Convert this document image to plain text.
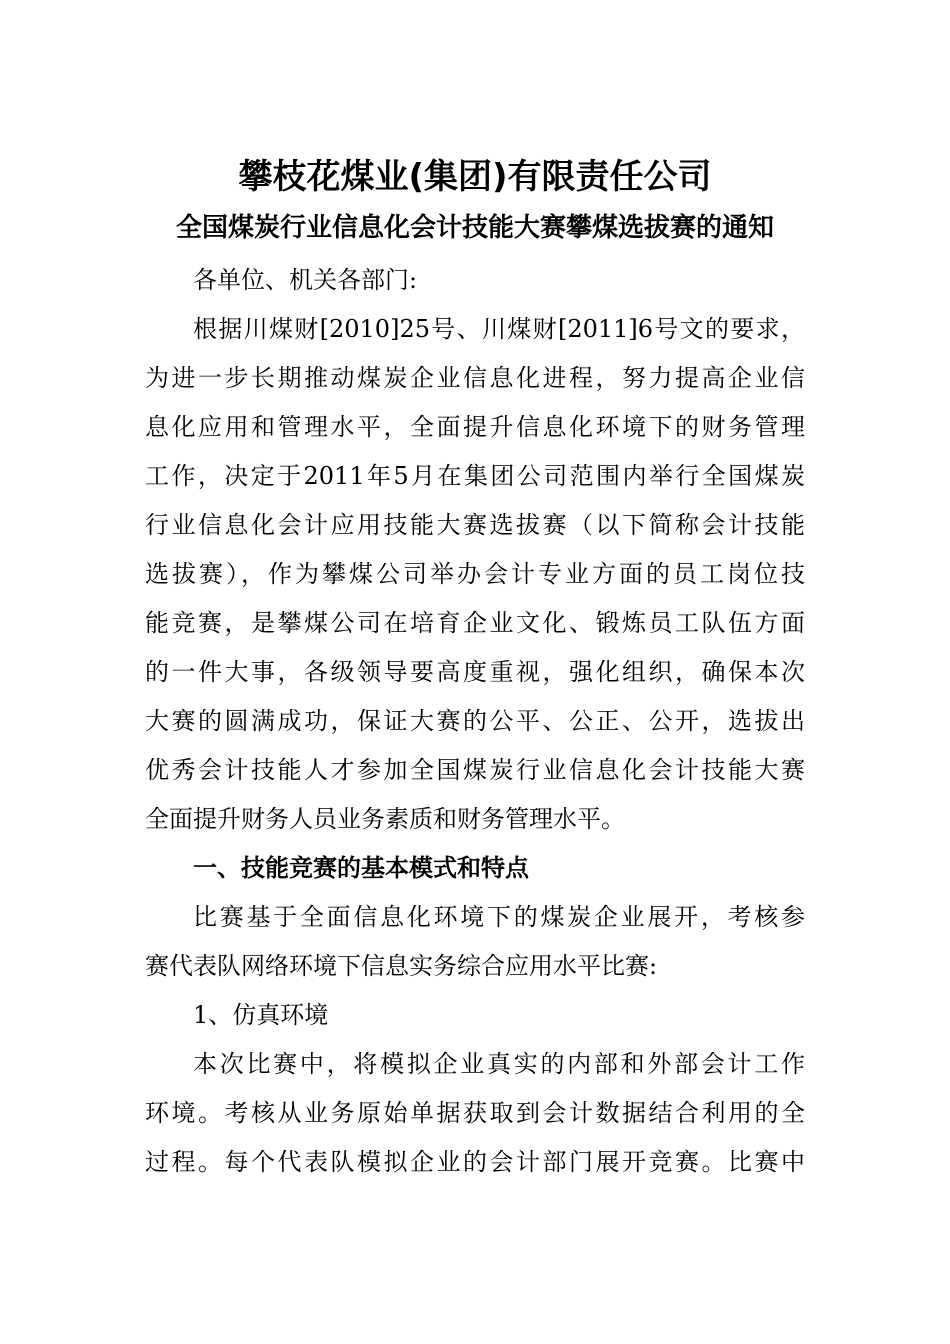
攀枝花煤业(集团)有限责任公司
全国煤炭行业信息化会计技能大赛攀煤选拔赛的通知
各单位、机关各部门:
根据川煤财[2010]25号、川煤财[2011]6号文的要求，
为进一步长期推动煤炭企业信息化进程，努力提高企业信
息化应用和管理水平，全面提升信息化环境下的财务管理
工作，决定于2011年5月在集团公司范围内举行全国煤炭
行业信息化会计应用技能大赛选拔赛（以下简称会计技能
选拔赛），作为攀煤公司举办会计专业方面的员工岗位技
能竞赛，是攀煤公司在培育企业文化、锻炼员工队伍方面
的一件大事，各级领导要高度重视，强化组织，确保本次
大赛的圆满成功，保证大赛的公平、公正、公开，选拔出
优秀会计技能人才参加全国煤炭行业信息化会计技能大赛
全面提升财务人员业务素质和财务管理水平。
一、技能竞赛的基本模式和特点
比赛基于全面信息化环境下的煤炭企业展开，考核参
赛代表队网络环境下信息实务综合应用水平比赛:
1、仿真环境
本次比赛中，将模拟企业真实的内部和外部会计工作
环境。考核从业务原始单据获取到会计数据结合利用的全
过程。每个代表队模拟企业的会计部门展开竞赛。比赛中
